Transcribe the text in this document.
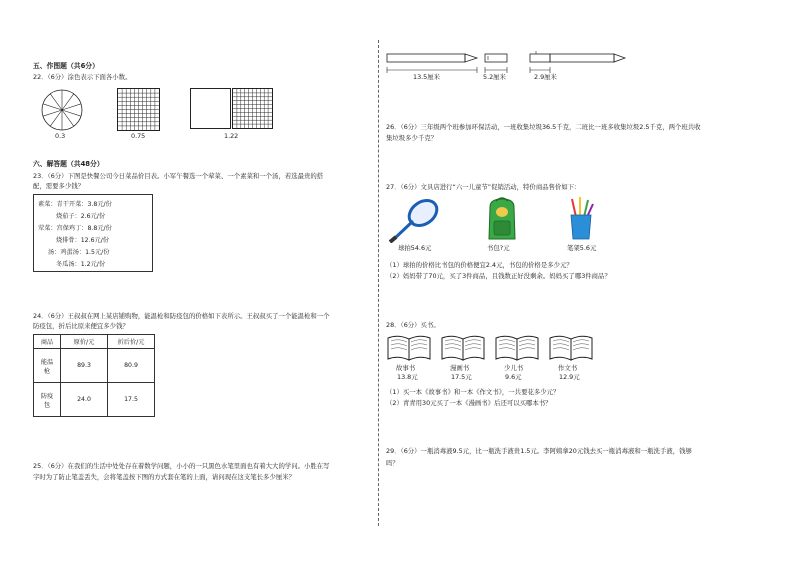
五、作图题（共6分）
22．（6分）涂色表示下面各小数。
0.3	0.75	1.22
六、解答题（共48分）
23．（6分）下图是快餐公司今日菜品价目表。小军午餐选一个荤菜、一个素菜和一个汤，若选最贵的搭
配，需要多少钱？
素菜：青干开菜：3.8元/份
烧茄子：2.6元/份
荤菜：宫保鸡丁：8.8元/份
烧排骨：12.6元/份
汤：鸡蛋汤：1.5元/份
冬瓜汤：1.2元/份
24．（6分）王叔叔在网上某店铺购物，能温枪和防疫包的价格如下表所示。王叔叔买了一个能温枪和一个
防疫包，折后比原来便宜多少钱？
商品	原价/元	折后价/元
能温
枪	89.3	80.9
防疫
包	24.0	17.5
25．（6分）在我们的生活中处处存在着数学问题，小小的一只黑色水笔里面也有着大大的学问。小胜在写
字时为了防止笔盖丢失，会将笔盖按下图的方式套在笔的上面，请问现在这支笔长多少厘米？
13.5厘米	5.2厘米	2.9厘米
26．（6分）三年级两个班参加环保活动，一班收集垃圾36.5千克，二班比一班多收集垃圾2.5千克，两个班共收
集垃圾多少千克？
27．（6分）文具店进行“六一儿童节”促销活动，特价商品售价如下：
球拍54.6元	书包?元	笔架5.6元
（1）球拍的价格比书包的价格便宜2.4元，书包的价格是多少元？
（2）妈妈带了70元，买了3件商品，且钱数正好没剩余。妈妈买了哪3件商品？
28．（6分）买书。
故事书
13.8元
漫画书
17.5元
少儿书
9.6元
作文书
12.9元
（1）买一本《故事书》和一本《作文书》，一共要花多少元？
（2）青青用30元买了一本《漫画书》后还可以买哪本书？
29．（6分）一瓶消毒液9.5元，比一瓶洗手液贵1.5元。李阿姨拿20元钱去买一瓶消毒液和一瓶洗手液，钱够
吗？
